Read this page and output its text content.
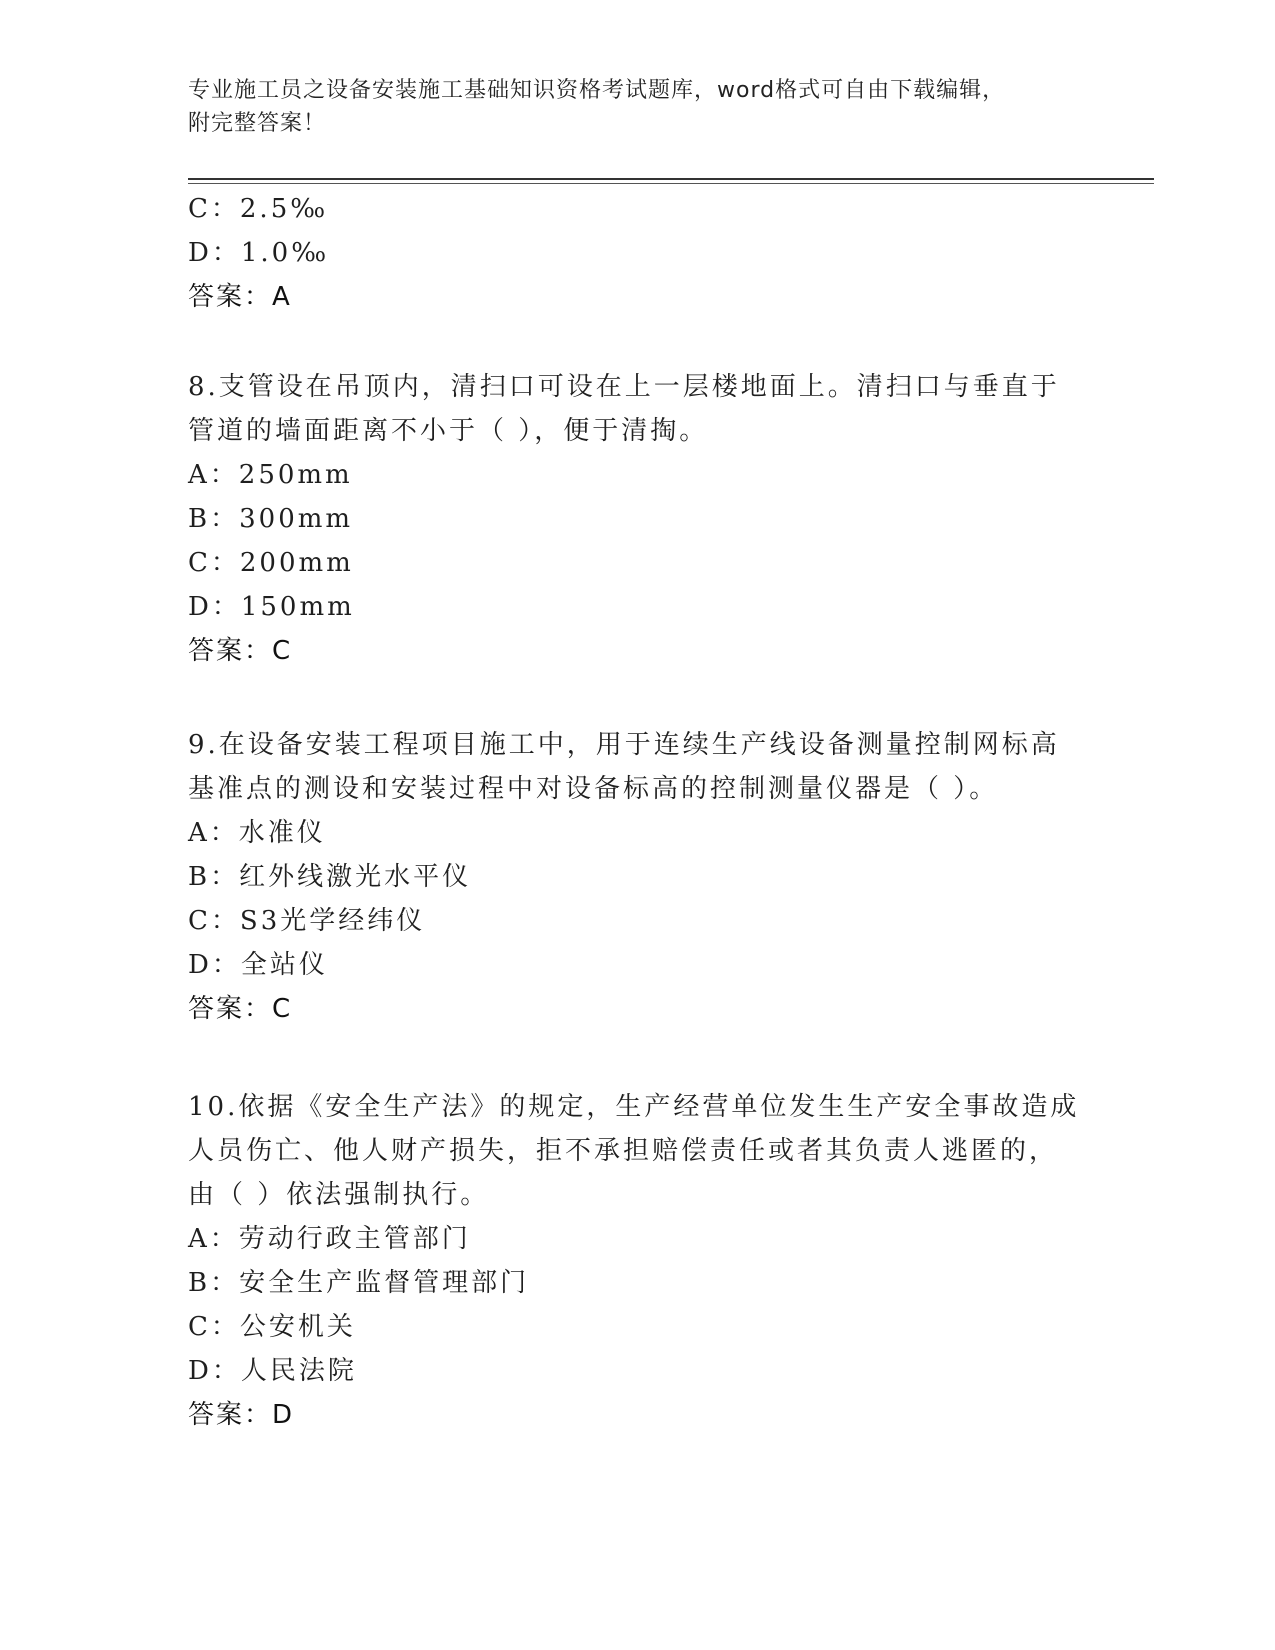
专业施工员之设备安装施工基础知识资格考试题库，word格式可自由下载编辑，
附完整答案！
C：2.5‰
D：1.0‰
答案：A
8.支管设在吊顶内，清扫口可设在上一层楼地面上。清扫口与垂直于
管道的墙面距离不小于（ ），便于清掏。
A：250mm
B：300mm
C：200mm
D：150mm
答案：C
9.在设备安装工程项目施工中，用于连续生产线设备测量控制网标高
基准点的测设和安装过程中对设备标高的控制测量仪器是（ ）。
A：水准仪
B：红外线激光水平仪
C：S3光学经纬仪
D：全站仪
答案：C
10.依据《安全生产法》的规定，生产经营单位发生生产安全事故造成
人员伤亡、他人财产损失，拒不承担赔偿责任或者其负责人逃匿的，
由（ ）依法强制执行。
A：劳动行政主管部门
B：安全生产监督管理部门
C：公安机关
D：人民法院
答案：D
